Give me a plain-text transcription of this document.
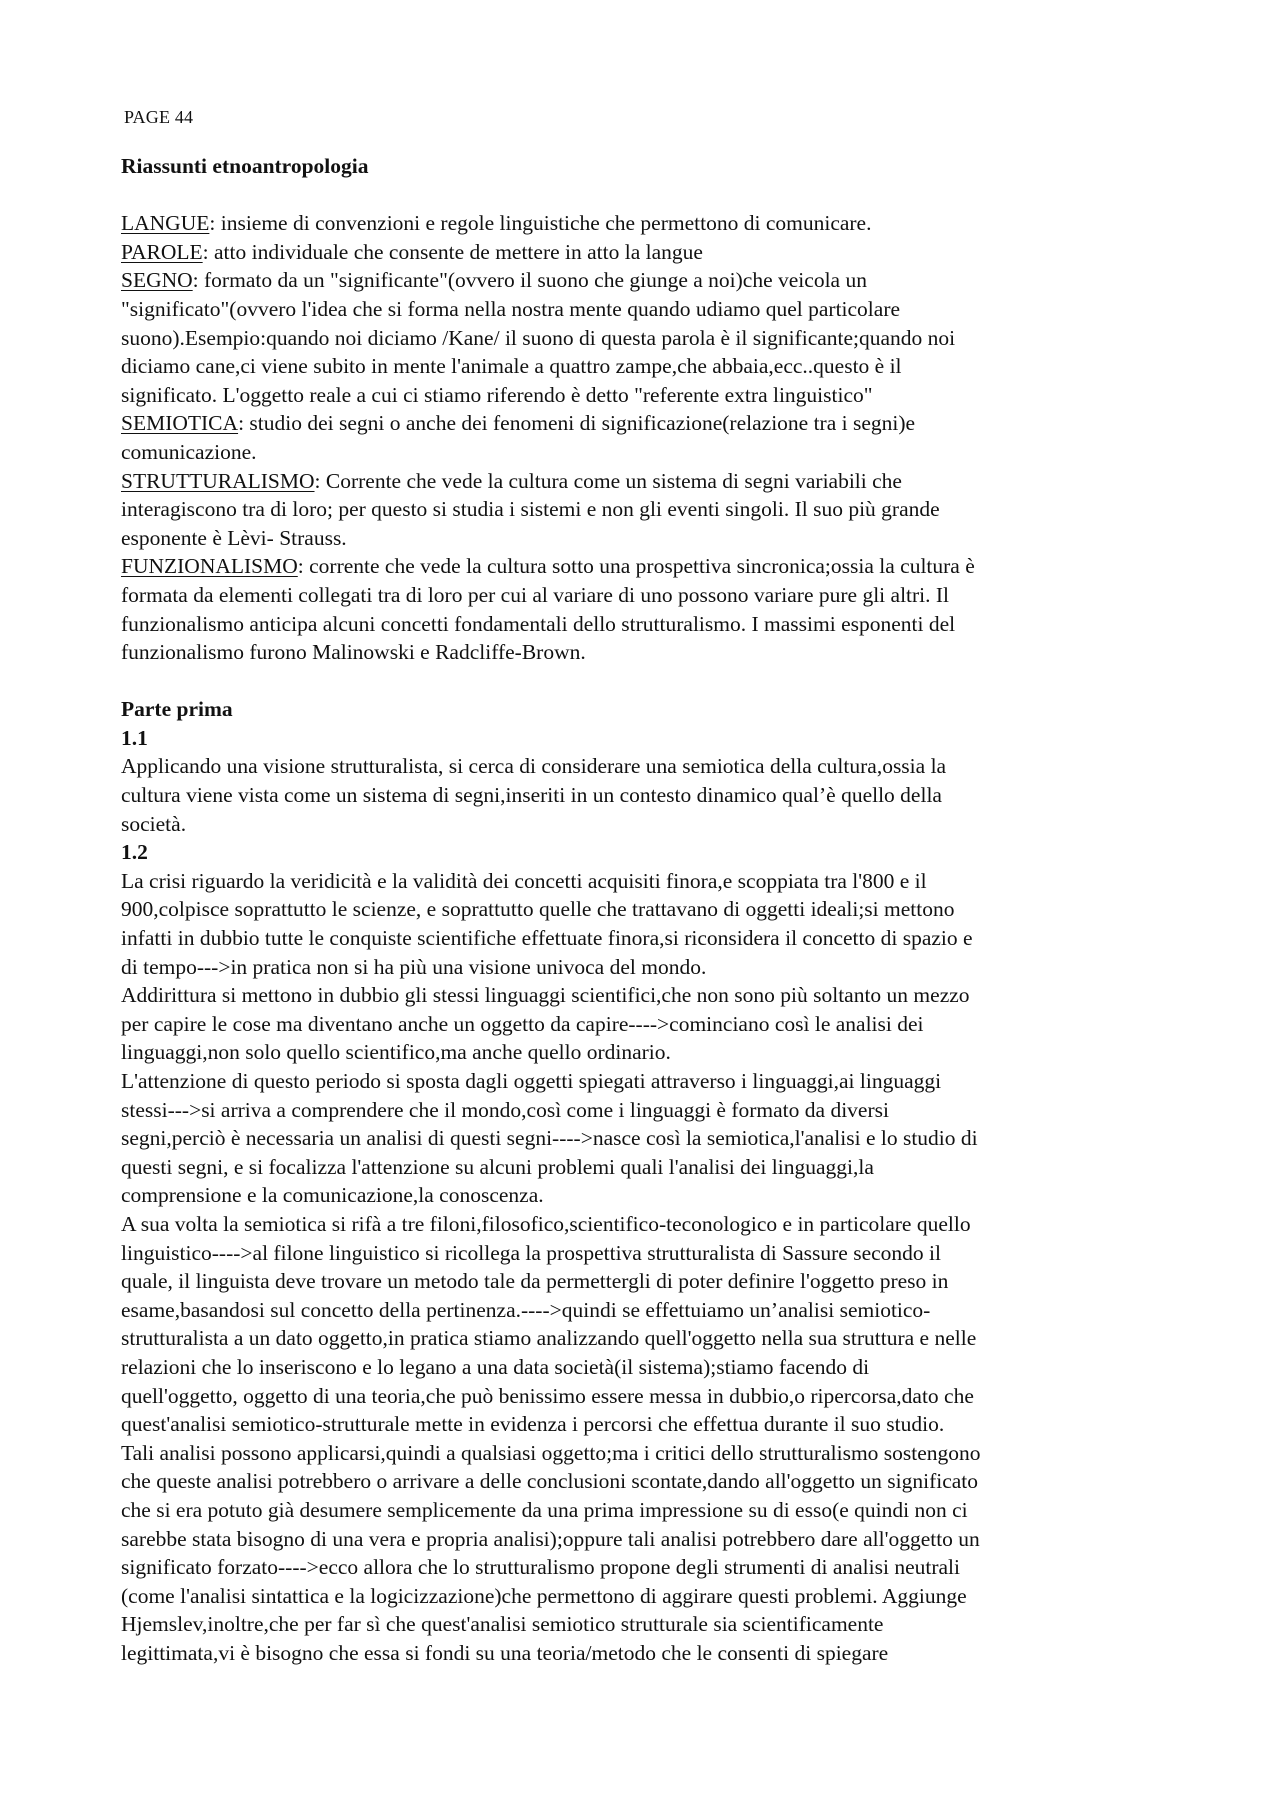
PAGE 44
Riassunti etnoantropologia
LANGUE: insieme di convenzioni e regole linguistiche che permettono di comunicare.
PAROLE: atto individuale che consente de mettere in atto la langue
SEGNO: formato da un "significante"(ovvero il suono che giunge a noi)che veicola un
"significato"(ovvero l'idea che si forma nella nostra mente quando udiamo quel particolare
suono).Esempio:quando noi diciamo /Kane/ il suono di questa parola è il significante;quando noi
diciamo cane,ci viene subito in mente l'animale a quattro zampe,che abbaia,ecc..questo è il
significato. L'oggetto reale a cui ci stiamo riferendo è detto "referente extra linguistico"
SEMIOTICA: studio dei segni o anche dei fenomeni di significazione(relazione tra i segni)e
comunicazione.
STRUTTURALISMO: Corrente che vede la cultura come un sistema di segni variabili che
interagiscono tra di loro; per questo si studia i sistemi e non gli eventi singoli. Il suo più grande
esponente è Lèvi- Strauss.
FUNZIONALISMO: corrente che vede la cultura sotto una prospettiva sincronica;ossia la cultura è
formata da elementi collegati tra di loro per cui al variare di uno possono variare pure gli altri. Il
funzionalismo anticipa alcuni concetti fondamentali dello strutturalismo. I massimi esponenti del
funzionalismo furono Malinowski e Radcliffe-Brown.
Parte prima
1.1
Applicando una visione strutturalista, si cerca di considerare una semiotica della cultura,ossia la
cultura viene vista come un sistema di segni,inseriti in un contesto dinamico qual’è quello della
società.
1.2
La crisi riguardo la veridicità e la validità dei concetti acquisiti finora,e scoppiata tra l'800 e il
900,colpisce soprattutto le scienze, e soprattutto quelle che trattavano di oggetti ideali;si mettono
infatti in dubbio tutte le conquiste scientifiche effettuate finora,si riconsidera il concetto di spazio e
di tempo--->in pratica non si ha più una visione univoca del mondo.
Addirittura si mettono in dubbio gli stessi linguaggi scientifici,che non sono più soltanto un mezzo
per capire le cose ma diventano anche un oggetto da capire---->cominciano così le analisi dei
linguaggi,non solo quello scientifico,ma anche quello ordinario.
L'attenzione di questo periodo si sposta dagli oggetti spiegati attraverso i linguaggi,ai linguaggi
stessi--->si arriva a comprendere che il mondo,così come i linguaggi è formato da diversi
segni,perciò è necessaria un analisi di questi segni---->nasce così la semiotica,l'analisi e lo studio di
questi segni, e si focalizza l'attenzione su alcuni problemi quali l'analisi dei linguaggi,la
comprensione e la comunicazione,la conoscenza.
A sua volta la semiotica si rifà a tre filoni,filosofico,scientifico-teconologico e in particolare quello
linguistico---->al filone linguistico si ricollega la prospettiva strutturalista di Sassure secondo il
quale, il linguista deve trovare un metodo tale da permettergli di poter definire l'oggetto preso in
esame,basandosi sul concetto della pertinenza.---->quindi se effettuiamo un’analisi semiotico-
strutturalista a un dato oggetto,in pratica stiamo analizzando quell'oggetto nella sua struttura e nelle
relazioni che lo inseriscono e lo legano a una data società(il sistema);stiamo facendo di
quell'oggetto, oggetto di una teoria,che può benissimo essere messa in dubbio,o ripercorsa,dato che
quest'analisi semiotico-strutturale mette in evidenza i percorsi che effettua durante il suo studio.
Tali analisi possono applicarsi,quindi a qualsiasi oggetto;ma i critici dello strutturalismo sostengono
che queste analisi potrebbero o arrivare a delle conclusioni scontate,dando all'oggetto un significato
che si era potuto già desumere semplicemente da una prima impressione su di esso(e quindi non ci
sarebbe stata bisogno di una vera e propria analisi);oppure tali analisi potrebbero dare all'oggetto un
significato forzato---->ecco allora che lo strutturalismo propone degli strumenti di analisi neutrali
(come l'analisi sintattica e la logicizzazione)che permettono di aggirare questi problemi. Aggiunge
Hjemslev,inoltre,che per far sì che quest'analisi semiotico strutturale sia scientificamente
legittimata,vi è bisogno che essa si fondi su una teoria/metodo che le consenti di spiegare
